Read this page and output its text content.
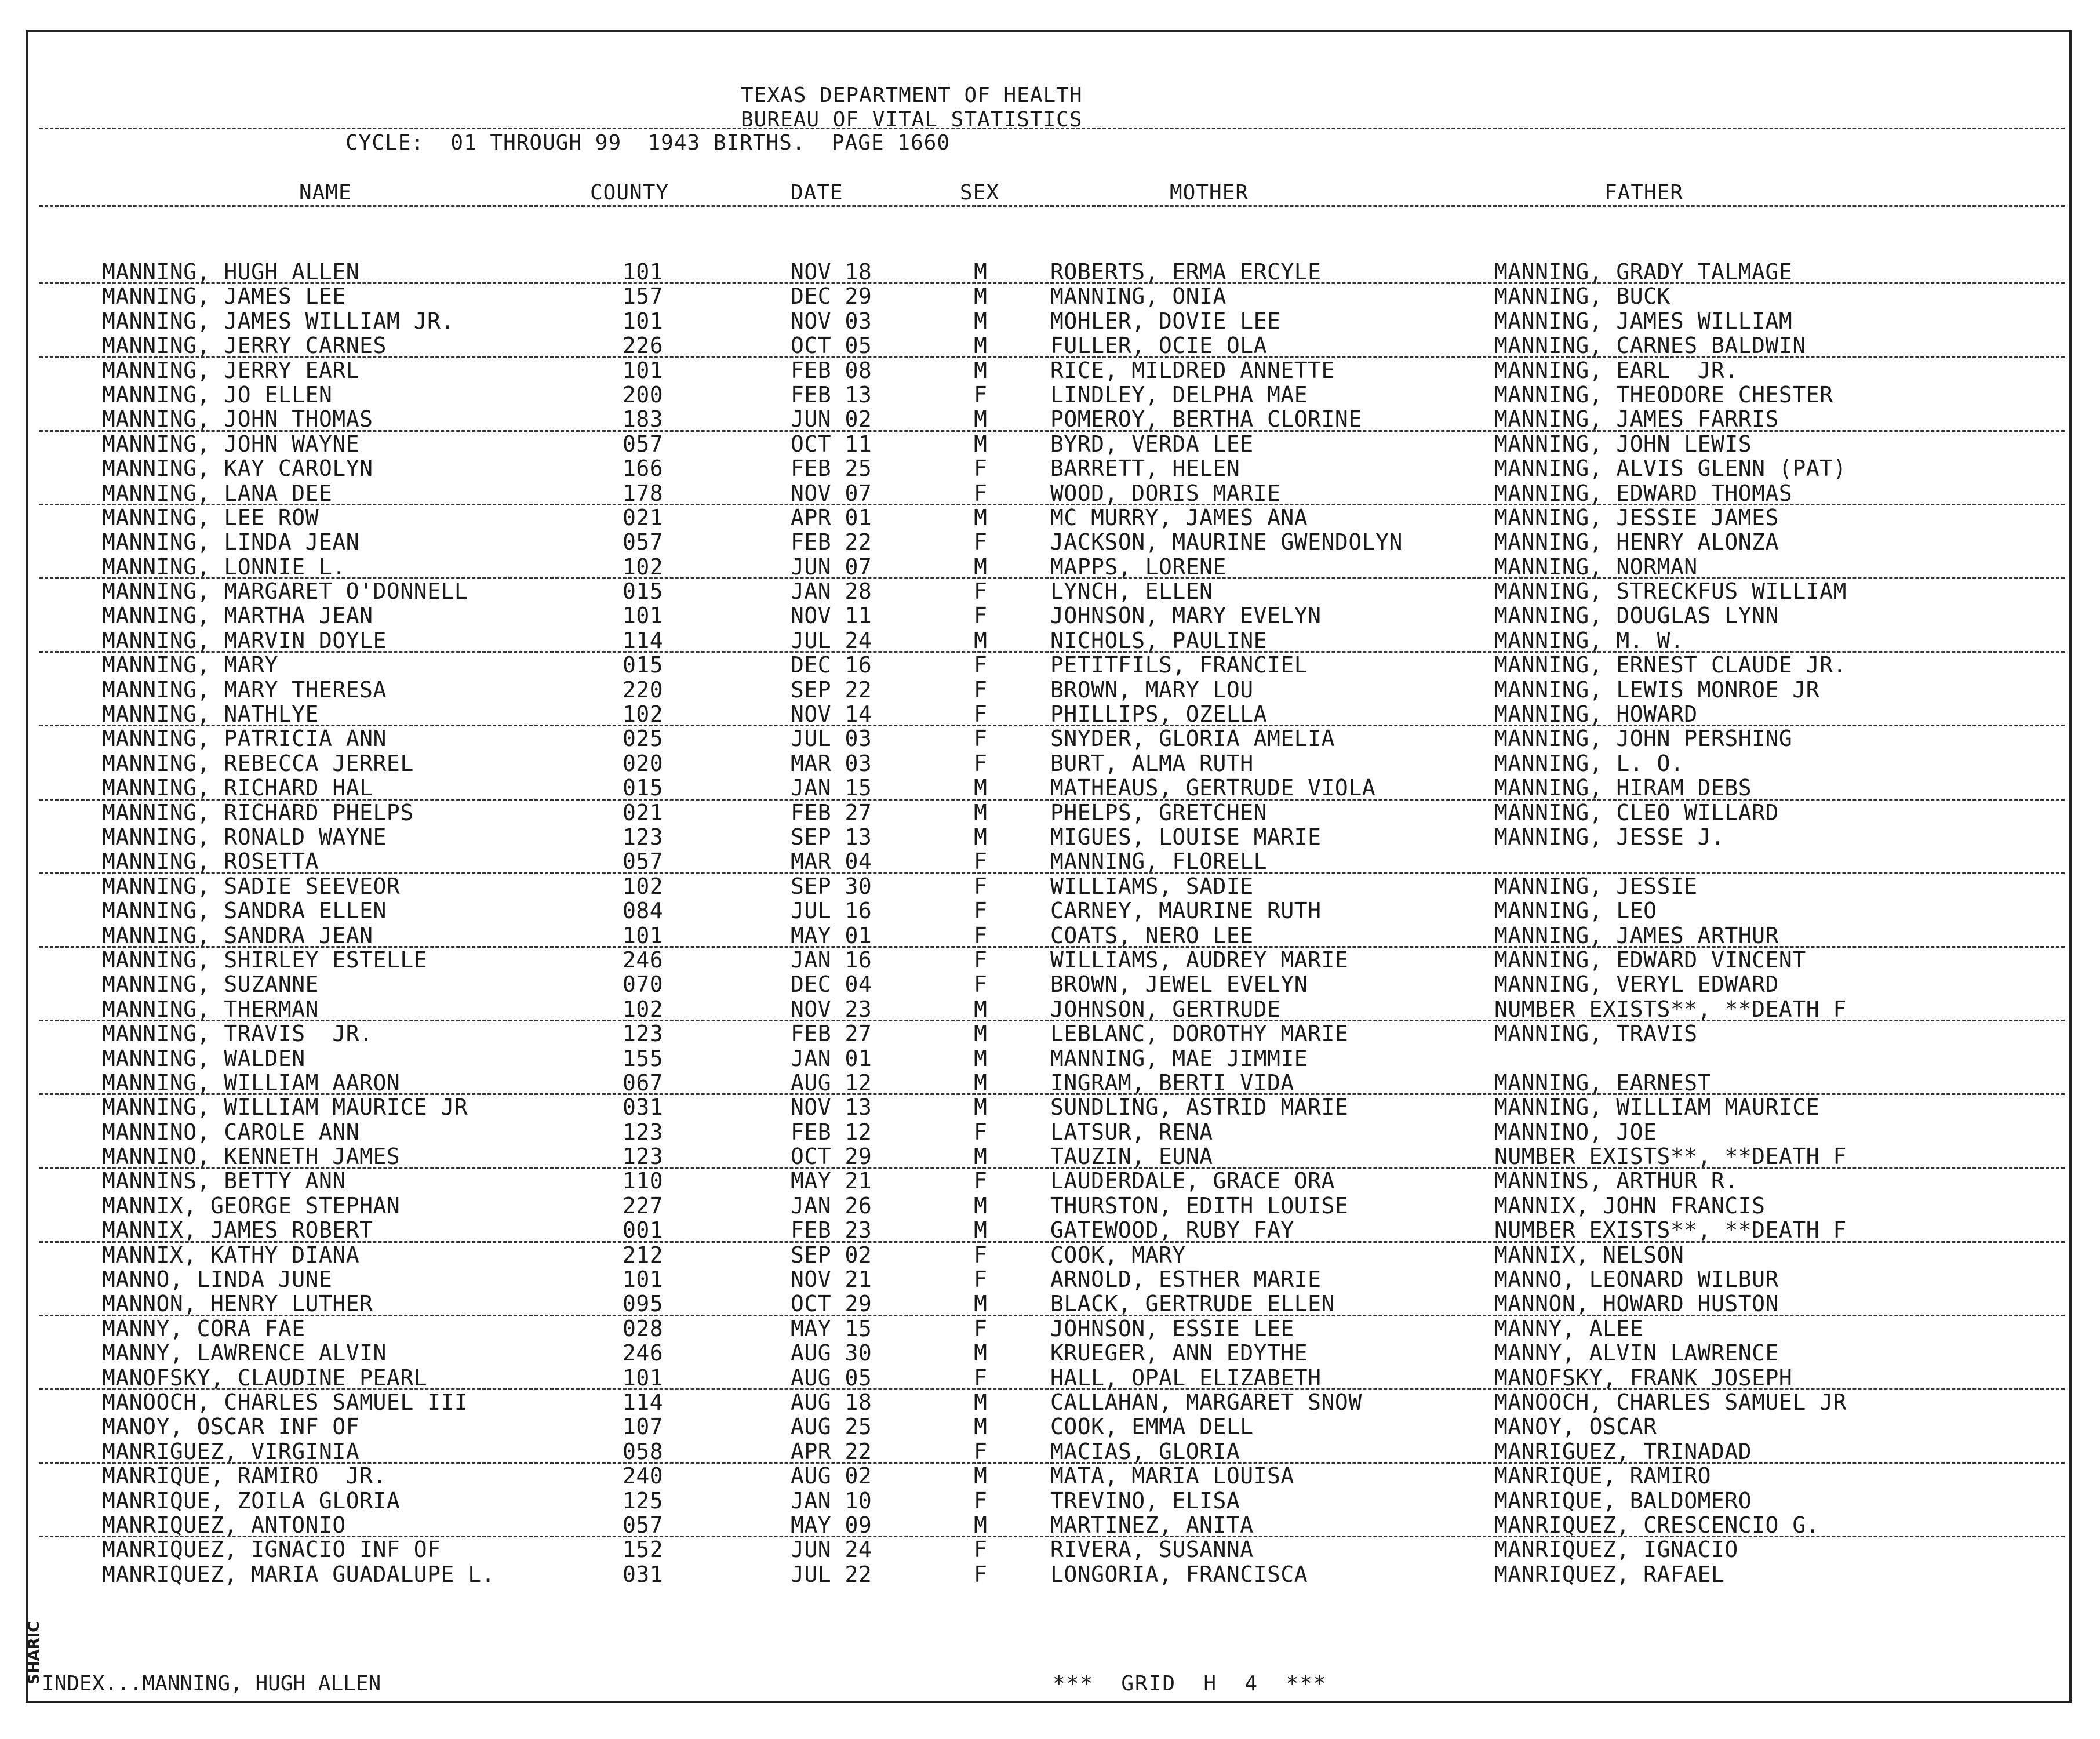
TEXAS DEPARTMENT OF HEALTH
BUREAU OF VITAL STATISTICS
CYCLE:  01 THROUGH 99  1943 BIRTHS.  PAGE 1660
NAME	COUNTY	DATE	SEX	MOTHER	FATHER
MANNING, HUGH ALLEN	101	NOV 18	M	ROBERTS, ERMA ERCYLE	MANNING, GRADY TALMAGE
MANNING, JAMES LEE	157	DEC 29	M	MANNING, ONIA	MANNING, BUCK
MANNING, JAMES WILLIAM JR.	101	NOV 03	M	MOHLER, DOVIE LEE	MANNING, JAMES WILLIAM
MANNING, JERRY CARNES	226	OCT 05	M	FULLER, OCIE OLA	MANNING, CARNES BALDWIN
MANNING, JERRY EARL	101	FEB 08	M	RICE, MILDRED ANNETTE	MANNING, EARL  JR.
MANNING, JO ELLEN	200	FEB 13	F	LINDLEY, DELPHA MAE	MANNING, THEODORE CHESTER
MANNING, JOHN THOMAS	183	JUN 02	M	POMEROY, BERTHA CLORINE	MANNING, JAMES FARRIS
MANNING, JOHN WAYNE	057	OCT 11	M	BYRD, VERDA LEE	MANNING, JOHN LEWIS
MANNING, KAY CAROLYN	166	FEB 25	F	BARRETT, HELEN	MANNING, ALVIS GLENN (PAT)
MANNING, LANA DEE	178	NOV 07	F	WOOD, DORIS MARIE	MANNING, EDWARD THOMAS
MANNING, LEE ROW	021	APR 01	M	MC MURRY, JAMES ANA	MANNING, JESSIE JAMES
MANNING, LINDA JEAN	057	FEB 22	F	JACKSON, MAURINE GWENDOLYN	MANNING, HENRY ALONZA
MANNING, LONNIE L.	102	JUN 07	M	MAPPS, LORENE	MANNING, NORMAN
MANNING, MARGARET O'DONNELL	015	JAN 28	F	LYNCH, ELLEN	MANNING, STRECKFUS WILLIAM
MANNING, MARTHA JEAN	101	NOV 11	F	JOHNSON, MARY EVELYN	MANNING, DOUGLAS LYNN
MANNING, MARVIN DOYLE	114	JUL 24	M	NICHOLS, PAULINE	MANNING, M. W.
MANNING, MARY	015	DEC 16	F	PETITFILS, FRANCIEL	MANNING, ERNEST CLAUDE JR.
MANNING, MARY THERESA	220	SEP 22	F	BROWN, MARY LOU	MANNING, LEWIS MONROE JR
MANNING, NATHLYE	102	NOV 14	F	PHILLIPS, OZELLA	MANNING, HOWARD
MANNING, PATRICIA ANN	025	JUL 03	F	SNYDER, GLORIA AMELIA	MANNING, JOHN PERSHING
MANNING, REBECCA JERREL	020	MAR 03	F	BURT, ALMA RUTH	MANNING, L. O.
MANNING, RICHARD HAL	015	JAN 15	M	MATHEAUS, GERTRUDE VIOLA	MANNING, HIRAM DEBS
MANNING, RICHARD PHELPS	021	FEB 27	M	PHELPS, GRETCHEN	MANNING, CLEO WILLARD
MANNING, RONALD WAYNE	123	SEP 13	M	MIGUES, LOUISE MARIE	MANNING, JESSE J.
MANNING, ROSETTA	057	MAR 04	F	MANNING, FLORELL
MANNING, SADIE SEEVEOR	102	SEP 30	F	WILLIAMS, SADIE	MANNING, JESSIE
MANNING, SANDRA ELLEN	084	JUL 16	F	CARNEY, MAURINE RUTH	MANNING, LEO
MANNING, SANDRA JEAN	101	MAY 01	F	COATS, NERO LEE	MANNING, JAMES ARTHUR
MANNING, SHIRLEY ESTELLE	246	JAN 16	F	WILLIAMS, AUDREY MARIE	MANNING, EDWARD VINCENT
MANNING, SUZANNE	070	DEC 04	F	BROWN, JEWEL EVELYN	MANNING, VERYL EDWARD
MANNING, THERMAN	102	NOV 23	M	JOHNSON, GERTRUDE	NUMBER EXISTS**, **DEATH F
MANNING, TRAVIS  JR.	123	FEB 27	M	LEBLANC, DOROTHY MARIE	MANNING, TRAVIS
MANNING, WALDEN	155	JAN 01	M	MANNING, MAE JIMMIE
MANNING, WILLIAM AARON	067	AUG 12	M	INGRAM, BERTI VIDA	MANNING, EARNEST
MANNING, WILLIAM MAURICE JR	031	NOV 13	M	SUNDLING, ASTRID MARIE	MANNING, WILLIAM MAURICE
MANNINO, CAROLE ANN	123	FEB 12	F	LATSUR, RENA	MANNINO, JOE
MANNINO, KENNETH JAMES	123	OCT 29	M	TAUZIN, EUNA	NUMBER EXISTS**, **DEATH F
MANNINS, BETTY ANN	110	MAY 21	F	LAUDERDALE, GRACE ORA	MANNINS, ARTHUR R.
MANNIX, GEORGE STEPHAN	227	JAN 26	M	THURSTON, EDITH LOUISE	MANNIX, JOHN FRANCIS
MANNIX, JAMES ROBERT	001	FEB 23	M	GATEWOOD, RUBY FAY	NUMBER EXISTS**, **DEATH F
MANNIX, KATHY DIANA	212	SEP 02	F	COOK, MARY	MANNIX, NELSON
MANNO, LINDA JUNE	101	NOV 21	F	ARNOLD, ESTHER MARIE	MANNO, LEONARD WILBUR
MANNON, HENRY LUTHER	095	OCT 29	M	BLACK, GERTRUDE ELLEN	MANNON, HOWARD HUSTON
MANNY, CORA FAE	028	MAY 15	F	JOHNSON, ESSIE LEE	MANNY, ALEE
MANNY, LAWRENCE ALVIN	246	AUG 30	M	KRUEGER, ANN EDYTHE	MANNY, ALVIN LAWRENCE
MANOFSKY, CLAUDINE PEARL	101	AUG 05	F	HALL, OPAL ELIZABETH	MANOFSKY, FRANK JOSEPH
MANOOCH, CHARLES SAMUEL III	114	AUG 18	M	CALLAHAN, MARGARET SNOW	MANOOCH, CHARLES SAMUEL JR
MANOY, OSCAR INF OF	107	AUG 25	M	COOK, EMMA DELL	MANOY, OSCAR
MANRIGUEZ, VIRGINIA	058	APR 22	F	MACIAS, GLORIA	MANRIGUEZ, TRINADAD
MANRIQUE, RAMIRO  JR.	240	AUG 02	M	MATA, MARIA LOUISA	MANRIQUE, RAMIRO
MANRIQUE, ZOILA GLORIA	125	JAN 10	F	TREVINO, ELISA	MANRIQUE, BALDOMERO
MANRIQUEZ, ANTONIO	057	MAY 09	M	MARTINEZ, ANITA	MANRIQUEZ, CRESCENCIO G.
MANRIQUEZ, IGNACIO INF OF	152	JUN 24	F	RIVERA, SUSANNA	MANRIQUEZ, IGNACIO
MANRIQUEZ, MARIA GUADALUPE L.	031	JUL 22	F	LONGORIA, FRANCISCA	MANRIQUEZ, RAFAEL
INDEX...MANNING, HUGH ALLEN	***  GRID  H  4  ***
SHARIC
